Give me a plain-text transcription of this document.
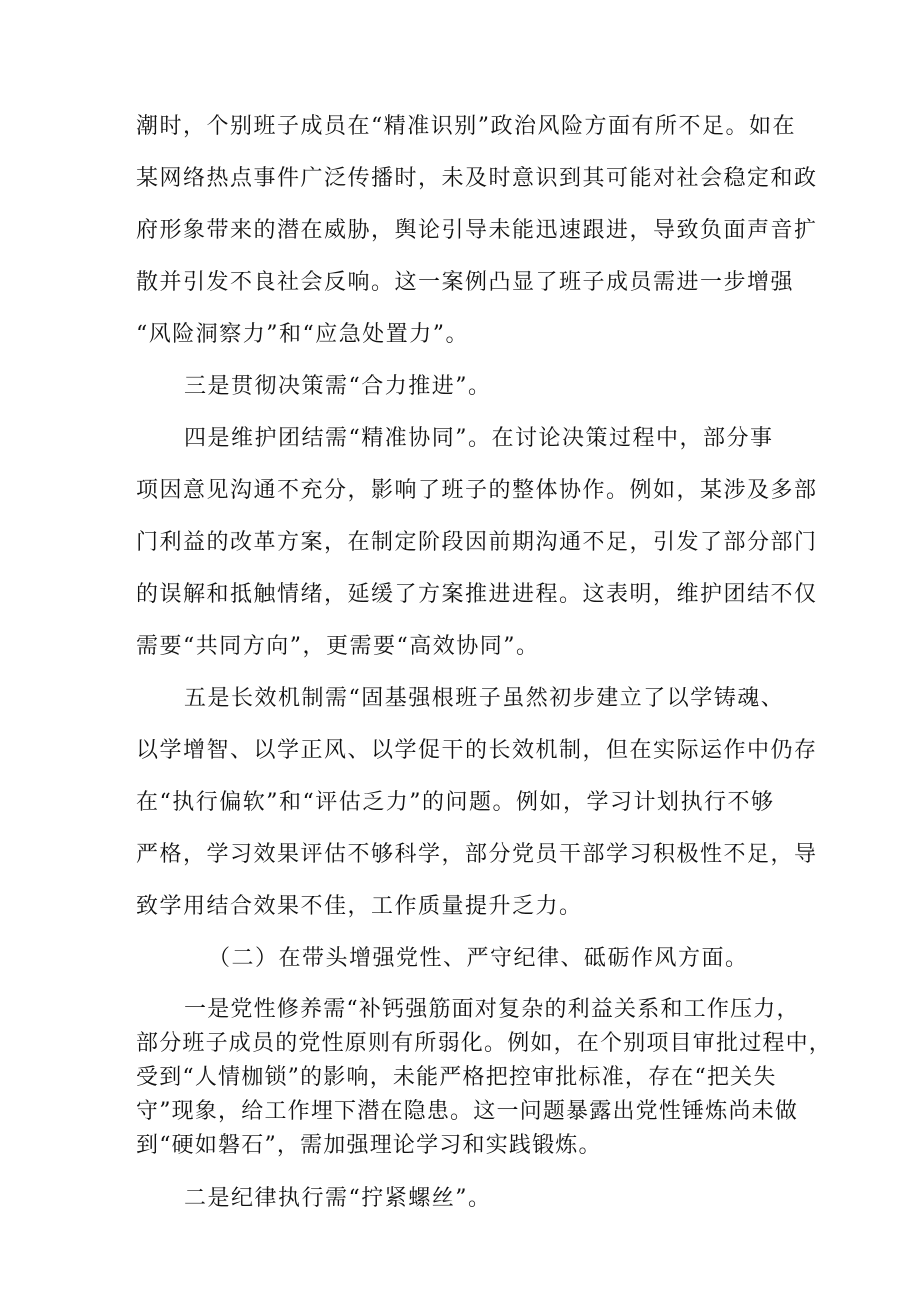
潮时，个别班子成员在“精准识别”政治风险方面有所不足。如在
某网络热点事件广泛传播时，未及时意识到其可能对社会稳定和政
府形象带来的潜在威胁，舆论引导未能迅速跟进，导致负面声音扩
散并引发不良社会反响。这一案例凸显了班子成员需进一步增强
“风险洞察力”和“应急处置力”。
三是贯彻决策需“合力推进”。
四是维护团结需“精准协同”。在讨论决策过程中，部分事
项因意见沟通不充分，影响了班子的整体协作。例如，某涉及多部
门利益的改革方案，在制定阶段因前期沟通不足，引发了部分部门
的误解和抵触情绪，延缓了方案推进进程。这表明，维护团结不仅
需要“共同方向”，更需要“高效协同”。
五是长效机制需“固基强根班子虽然初步建立了以学铸魂、
以学增智、以学正风、以学促干的长效机制，但在实际运作中仍存
在“执行偏软”和“评估乏力”的问题。例如，学习计划执行不够
严格，学习效果评估不够科学，部分党员干部学习积极性不足，导
致学用结合效果不佳，工作质量提升乏力。
（二）在带头增强党性、严守纪律、砥砺作风方面。
一是党性修养需“补钙强筋面对复杂的利益关系和工作压力，
部分班子成员的党性原则有所弱化。例如，在个别项目审批过程中，
受到“人情枷锁”的影响，未能严格把控审批标准，存在“把关失
守”现象，给工作埋下潜在隐患。这一问题暴露出党性锤炼尚未做
到“硬如磐石”，需加强理论学习和实践锻炼。
二是纪律执行需“拧紧螺丝”。
